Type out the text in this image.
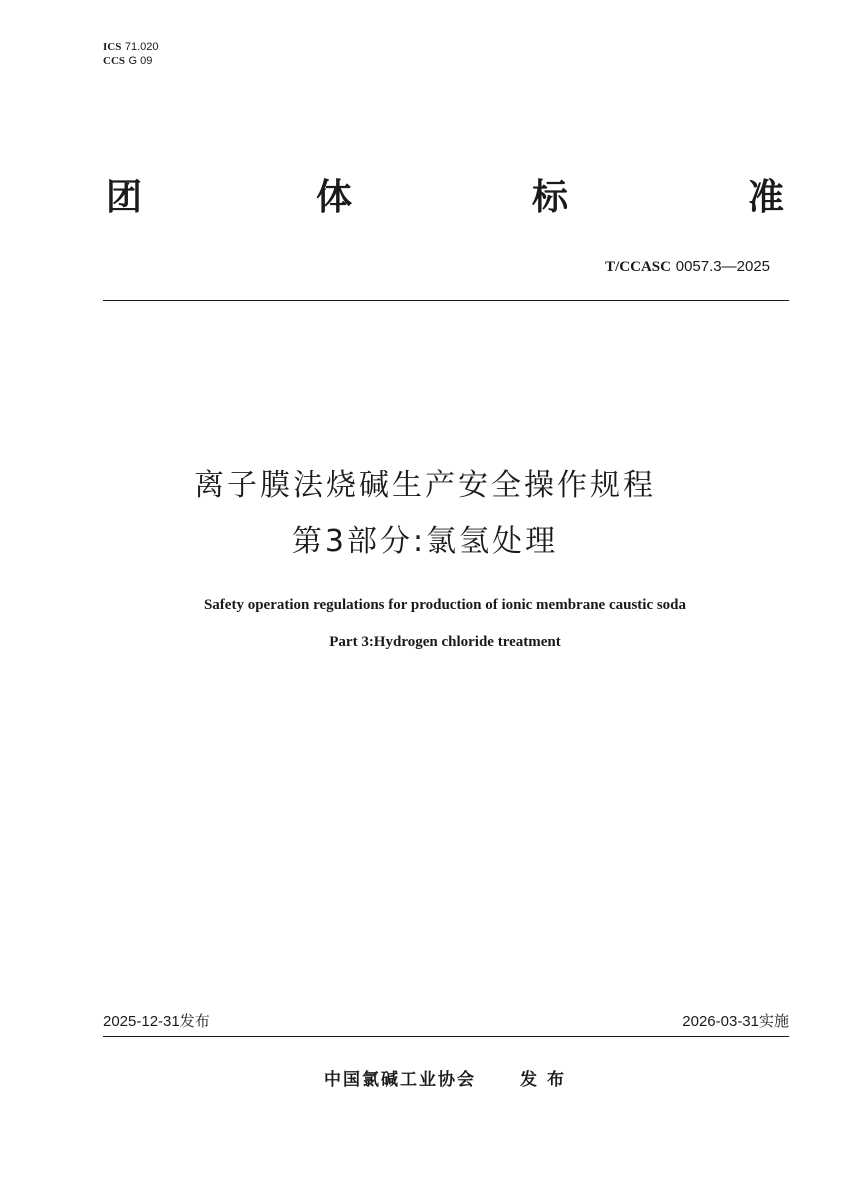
ICS 71.020
CCS G 09
团	体	标	准
T/CCASC 0057.3—2025
离子膜法烧碱生产安全操作规程
第3部分:氯氢处理
Safety operation regulations for production of ionic membrane caustic soda
Part 3:Hydrogen chloride treatment
2025-12-31发布	2026-03-31实施
中国氯碱工业协会	发 布
